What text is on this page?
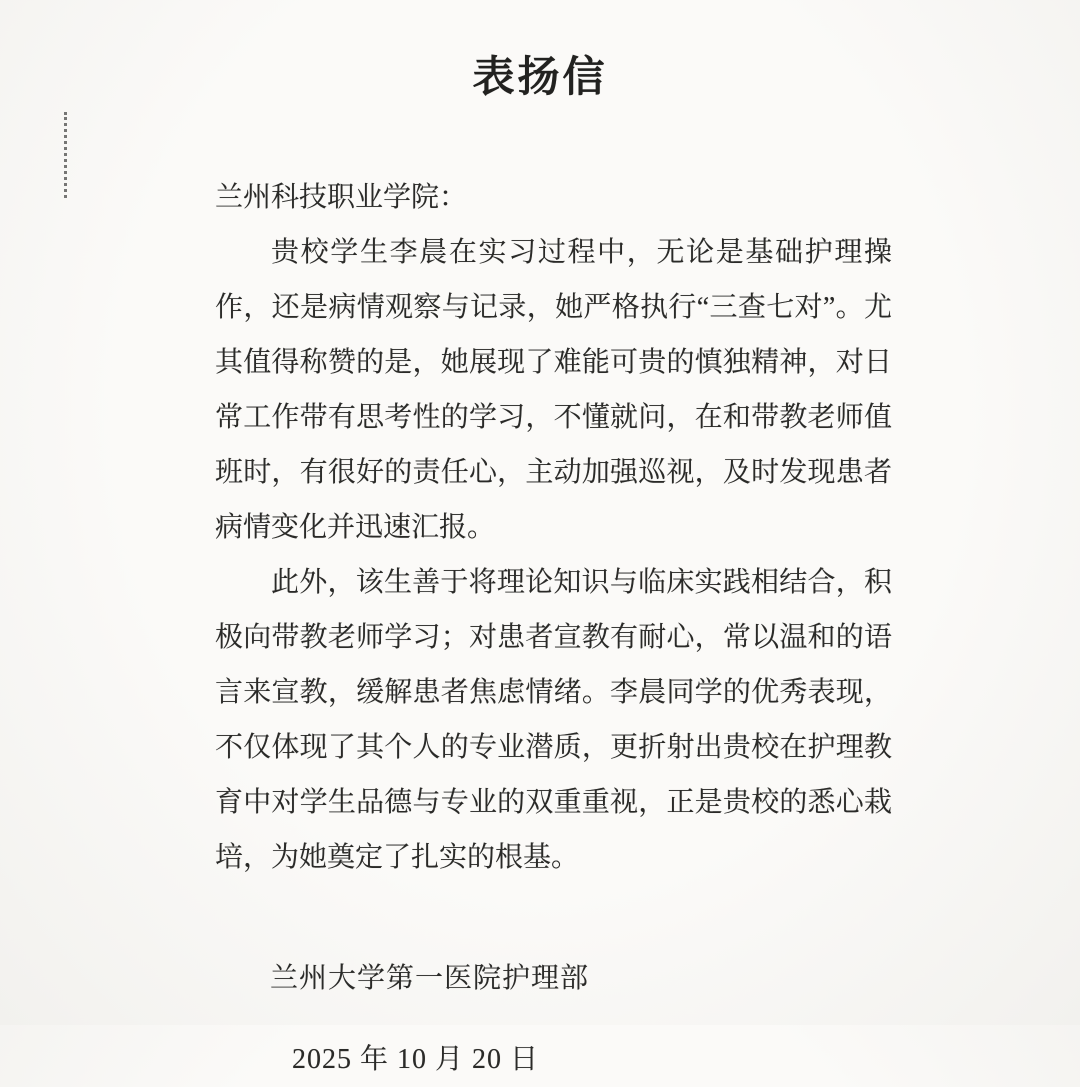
表扬信

兰州科技职业学院：

贵校学生李晨在实习过程中，无论是基础护理操作，还是病情观察与记录，她严格执行“三查七对”。尤其值得称赞的是，她展现了难能可贵的慎独精神，对日常工作带有思考性的学习，不懂就问，在和带教老师值班时，有很好的责任心，主动加强巡视，及时发现患者病情变化并迅速汇报。

此外，该生善于将理论知识与临床实践相结合，积极向带教老师学习；对患者宣教有耐心，常以温和的语言来宣教，缓解患者焦虑情绪。李晨同学的优秀表现，不仅体现了其个人的专业潜质，更折射出贵校在护理教育中对学生品德与专业的双重重视，正是贵校的悉心栽培，为她奠定了扎实的根基。

兰州大学第一医院护理部

2025 年 10 月 20 日
